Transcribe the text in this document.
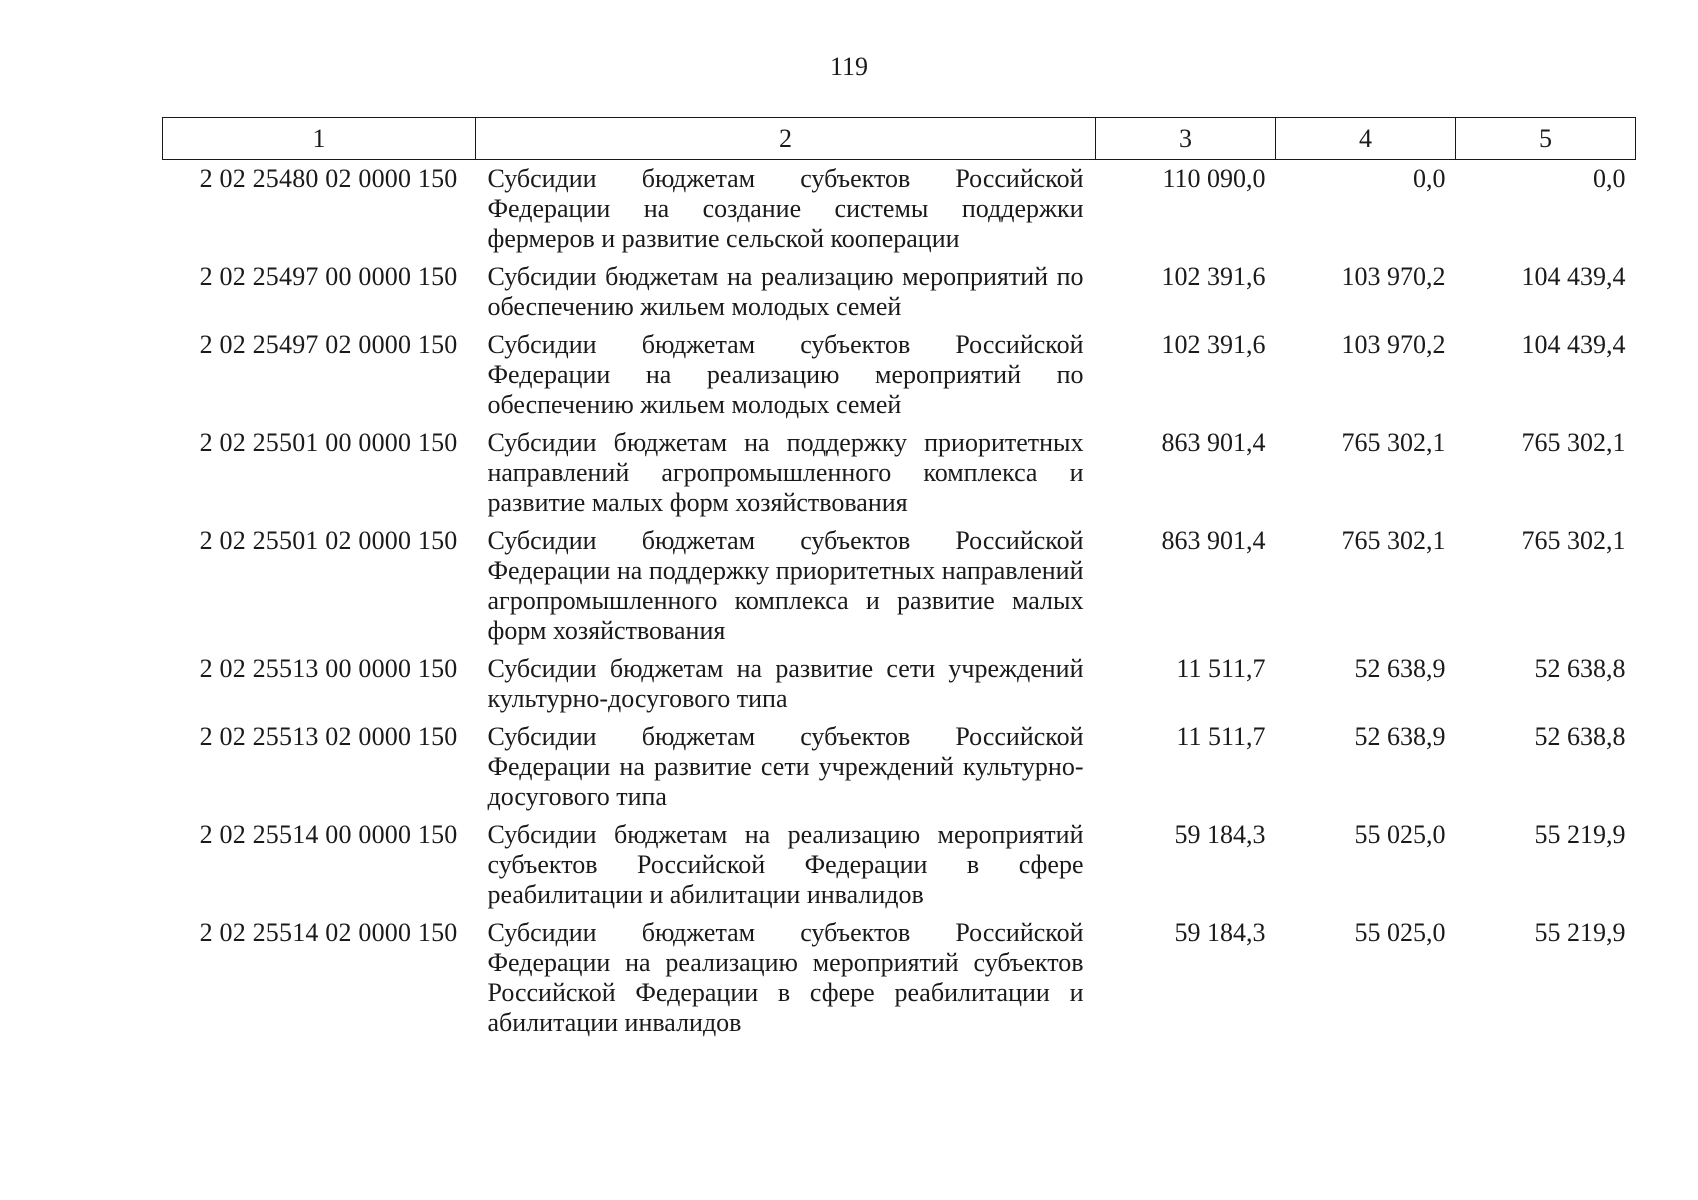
119
1	2	3	4	5
2 02 25480 02 0000 150	Субсидии бюджетам субъектов Российской Федерации на создание системы поддержки фермеров и развитие сельской кооперации	110 090,0	0,0	0,0
2 02 25497 00 0000 150	Субсидии бюджетам на реализацию мероприятий по обеспечению жильем молодых семей	102 391,6	103 970,2	104 439,4
2 02 25497 02 0000 150	Субсидии бюджетам субъектов Российской Федерации на реализацию мероприятий по обеспечению жильем молодых семей	102 391,6	103 970,2	104 439,4
2 02 25501 00 0000 150	Субсидии бюджетам на поддержку приоритетных направлений агропромышленного комплекса и развитие малых форм хозяйствования	863 901,4	765 302,1	765 302,1
2 02 25501 02 0000 150	Субсидии бюджетам субъектов Российской Федерации на поддержку приоритетных направлений агропромышленного комплекса и развитие малых форм хозяйствования	863 901,4	765 302,1	765 302,1
2 02 25513 00 0000 150	Субсидии бюджетам на развитие сети учреждений культурно-досугового типа	11 511,7	52 638,9	52 638,8
2 02 25513 02 0000 150	Субсидии бюджетам субъектов Российской Федерации на развитие сети учреждений культурно-досугового типа	11 511,7	52 638,9	52 638,8
2 02 25514 00 0000 150	Субсидии бюджетам на реализацию мероприятий субъектов Российской Федерации в сфере реабилитации и абилитации инвалидов	59 184,3	55 025,0	55 219,9
2 02 25514 02 0000 150	Субсидии бюджетам субъектов Российской Федерации на реализацию мероприятий субъектов Российской Федерации в сфере реабилитации и абилитации инвалидов	59 184,3	55 025,0	55 219,9
